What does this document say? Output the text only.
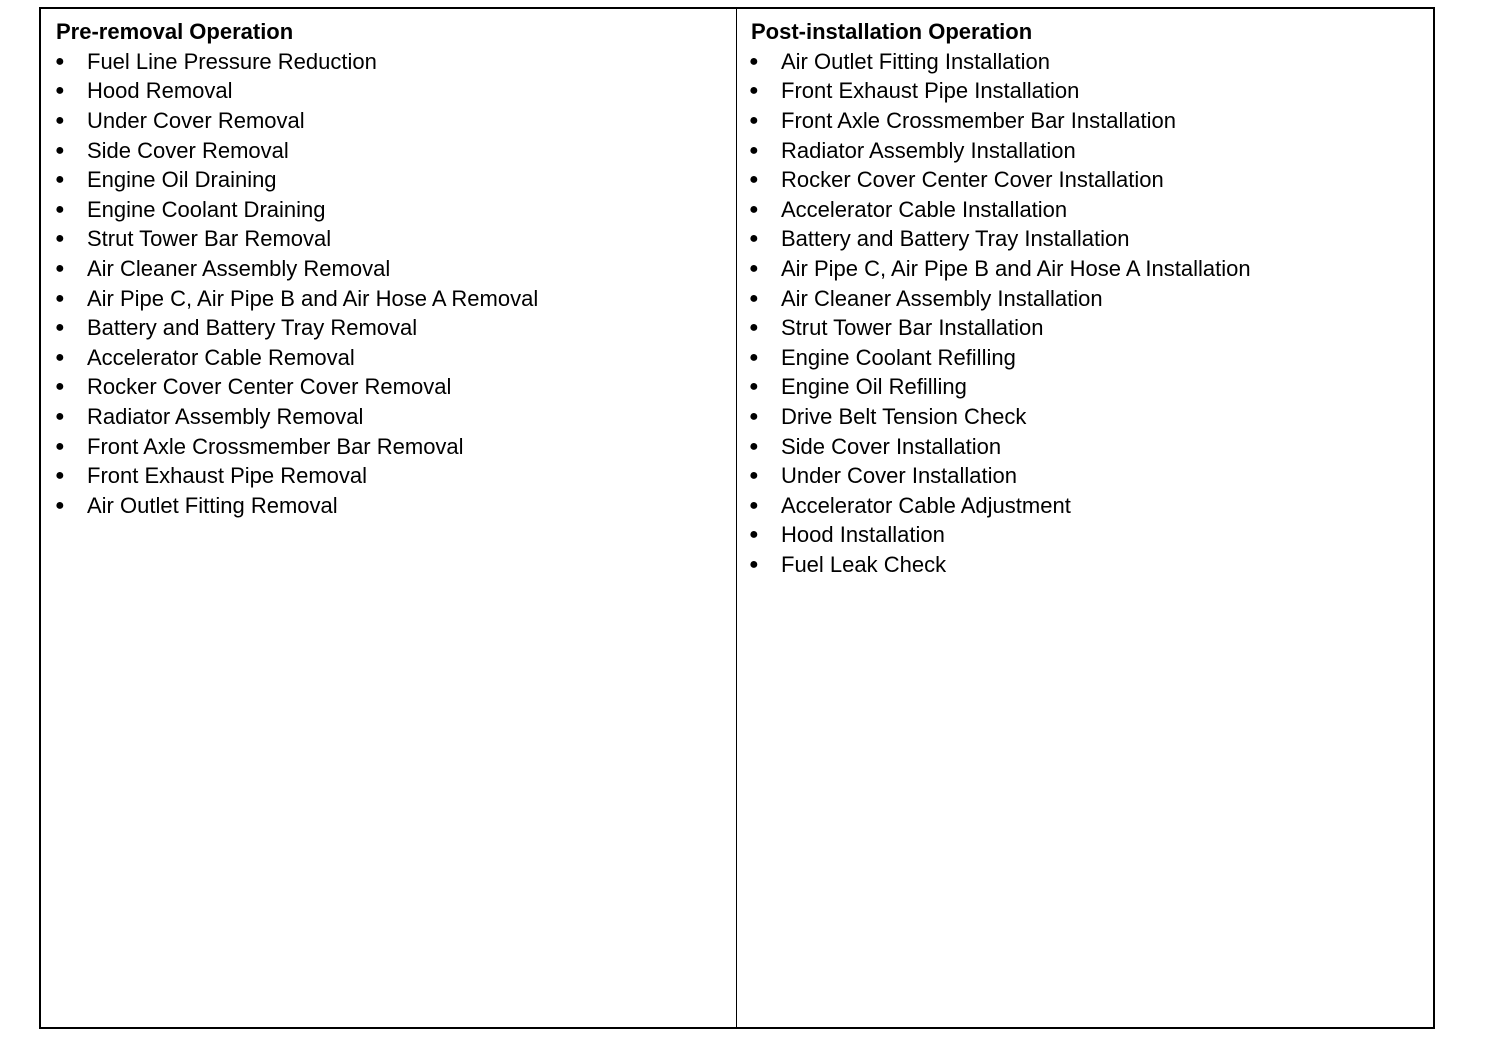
Pre-removal Operation
●	Fuel Line Pressure Reduction
●	Hood Removal
●	Under Cover Removal
●	Side Cover Removal
●	Engine Oil Draining
●	Engine Coolant Draining
●	Strut Tower Bar Removal
●	Air Cleaner Assembly Removal
●	Air Pipe C, Air Pipe B and Air Hose A Removal
●	Battery and Battery Tray Removal
●	Accelerator Cable Removal
●	Rocker Cover Center Cover Removal
●	Radiator Assembly Removal
●	Front Axle Crossmember Bar Removal
●	Front Exhaust Pipe Removal
●	Air Outlet Fitting Removal
Post-installation Operation
●	Air Outlet Fitting Installation
●	Front Exhaust Pipe Installation
●	Front Axle Crossmember Bar Installation
●	Radiator Assembly Installation
●	Rocker Cover Center Cover Installation
●	Accelerator Cable Installation
●	Battery and Battery Tray Installation
●	Air Pipe C, Air Pipe B and Air Hose A Installation
●	Air Cleaner Assembly Installation
●	Strut Tower Bar Installation
●	Engine Coolant Refilling
●	Engine Oil Refilling
●	Drive Belt Tension Check
●	Side Cover Installation
●	Under Cover Installation
●	Accelerator Cable Adjustment
●	Hood Installation
●	Fuel Leak Check
